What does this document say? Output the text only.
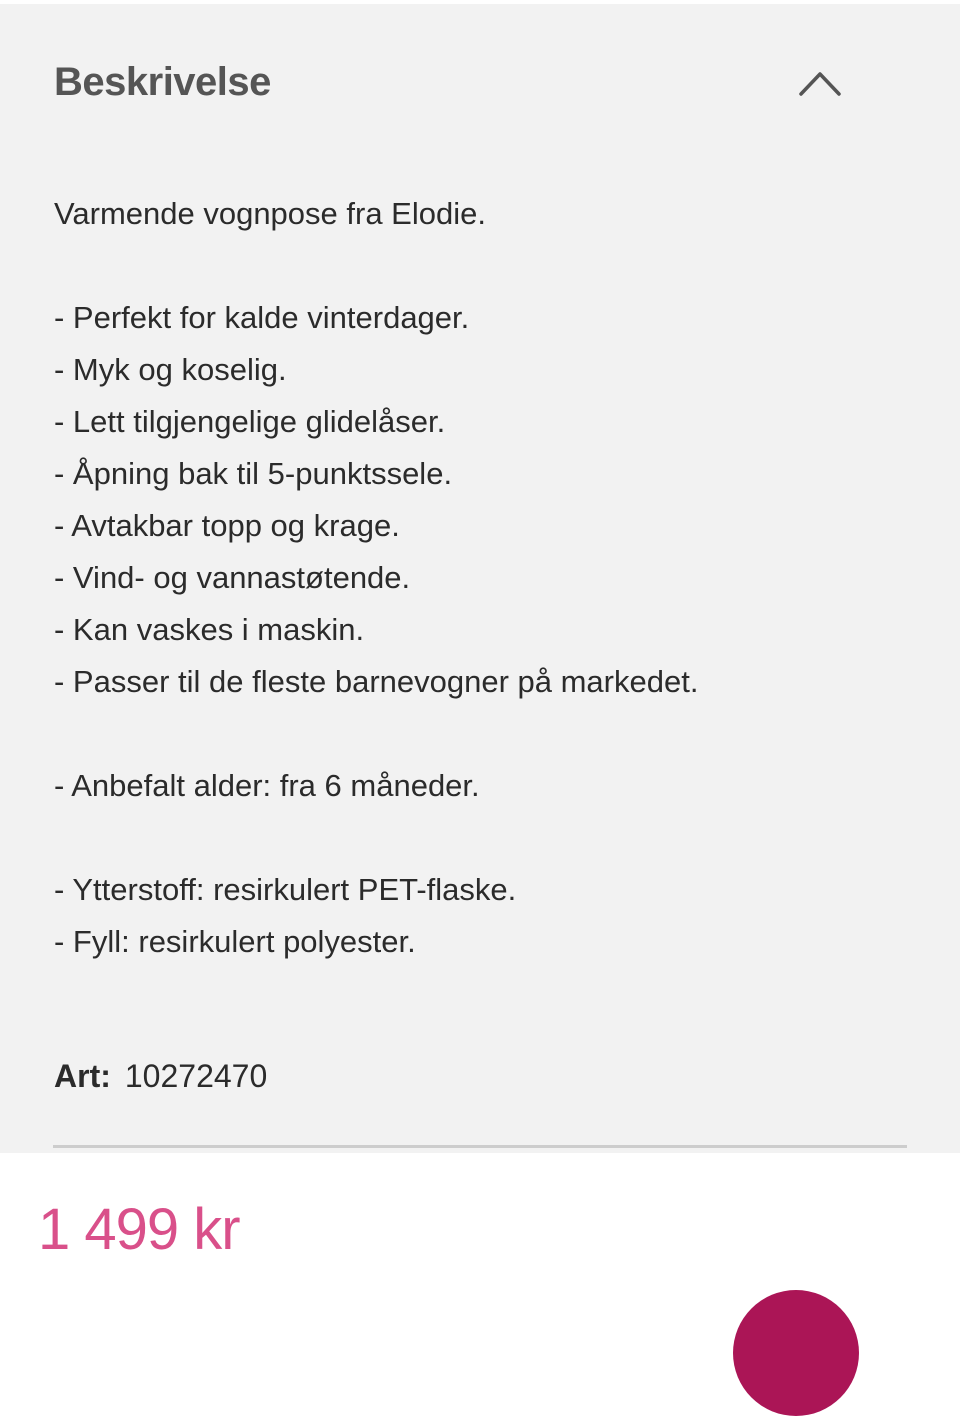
Beskrivelse
Varmende vognpose fra Elodie.
- Perfekt for kalde vinterdager.
- Myk og koselig.
- Lett tilgjengelige glidelåser.
- Åpning bak til 5-punktssele.
- Avtakbar topp og krage.
- Vind- og vannastøtende.
- Kan vaskes i maskin.
- Passer til de fleste barnevogner på markedet.
- Anbefalt alder: fra 6 måneder.
- Ytterstoff: resirkulert PET-flaske.
- Fyll: resirkulert polyester.
Art: 10272470
1 499 kr
